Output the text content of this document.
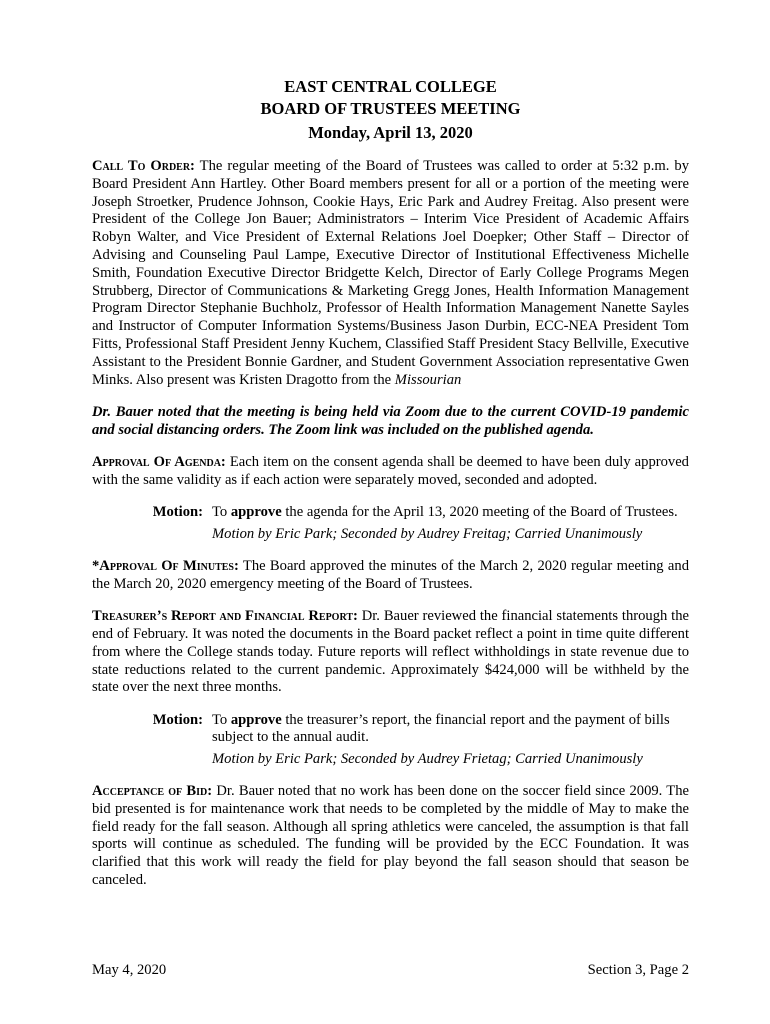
EAST CENTRAL COLLEGE
BOARD OF TRUSTEES MEETING
Monday, April 13, 2020

Call To Order: The regular meeting of the Board of Trustees was called to order at 5:32 p.m. by Board President Ann Hartley. Other Board members present for all or a portion of the meeting were Joseph Stroetker, Prudence Johnson, Cookie Hays, Eric Park and Audrey Freitag. Also present were President of the College Jon Bauer; Administrators – Interim Vice President of Academic Affairs Robyn Walter, and Vice President of External Relations Joel Doepker; Other Staff – Director of Advising and Counseling Paul Lampe, Executive Director of Institutional Effectiveness Michelle Smith, Foundation Executive Director Bridgette Kelch, Director of Early College Programs Megen Strubberg, Director of Communications & Marketing Gregg Jones, Health Information Management Program Director Stephanie Buchholz, Professor of Health Information Management Nanette Sayles and Instructor of Computer Information Systems/Business Jason Durbin, ECC-NEA President Tom Fitts, Professional Staff President Jenny Kuchem, Classified Staff President Stacy Bellville, Executive Assistant to the President Bonnie Gardner, and Student Government Association representative Gwen Minks. Also present was Kristen Dragotto from the Missourian

Dr. Bauer noted that the meeting is being held via Zoom due to the current COVID-19 pandemic and social distancing orders. The Zoom link was included on the published agenda.

Approval Of Agenda: Each item on the consent agenda shall be deemed to have been duly approved with the same validity as if each action were separately moved, seconded and adopted.

Motion: To approve the agenda for the April 13, 2020 meeting of the Board of Trustees.
Motion by Eric Park; Seconded by Audrey Freitag; Carried Unanimously

*Approval Of Minutes: The Board approved the minutes of the March 2, 2020 regular meeting and the March 20, 2020 emergency meeting of the Board of Trustees.

Treasurer’s Report and Financial Report: Dr. Bauer reviewed the financial statements through the end of February. It was noted the documents in the Board packet reflect a point in time quite different from where the College stands today. Future reports will reflect withholdings in state revenue due to state reductions related to the current pandemic. Approximately $424,000 will be withheld by the state over the next three months.

Motion: To approve the treasurer’s report, the financial report and the payment of bills subject to the annual audit.
Motion by Eric Park; Seconded by Audrey Frietag; Carried Unanimously

Acceptance of Bid: Dr. Bauer noted that no work has been done on the soccer field since 2009. The bid presented is for maintenance work that needs to be completed by the middle of May to make the field ready for the fall season. Although all spring athletics were canceled, the assumption is that fall sports will continue as scheduled. The funding will be provided by the ECC Foundation. It was clarified that this work will ready the field for play beyond the fall season should that season be canceled.

May 4, 2020	Section 3, Page 2
